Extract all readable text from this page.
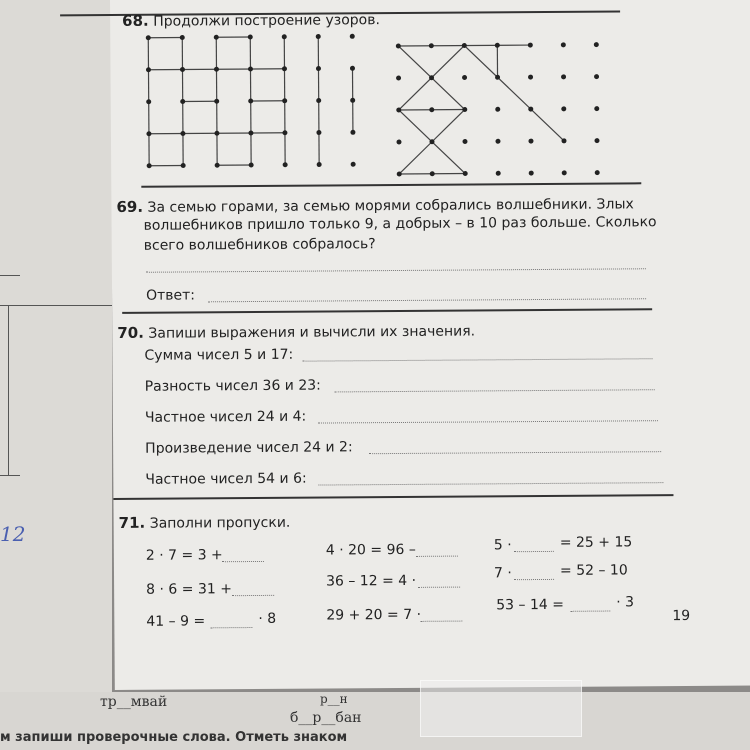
12
68. Продолжи построение узоров.
69. За семью горами, за семью морями собрались волшебники. Злых
волшебников пришло только 9, а добрых – в 10 раз больше. Сколько
всего волшебников собралось?
Ответ:
70. Запиши выражения и вычисли их значения.
Сумма чисел 5 и 17:
Разность чисел 36 и 23:
Частное чисел 24 и 4:
Произведение чисел 24 и 2:
Частное чисел 54 и 6:
71. Заполни пропуски.
2 · 7 = 3 +
8 · 6 = 31 +
41 – 9 =	· 8
4 · 20 = 96 –
36 – 12 = 4 ·
29 + 20 = 7 ·
5 ·	= 25 + 15
7 ·	= 52 – 10
53 – 14 =	· 3
19
тр__мвай	р__н
б__р__бан
м запиши проверочные слова. Отметь знаком
